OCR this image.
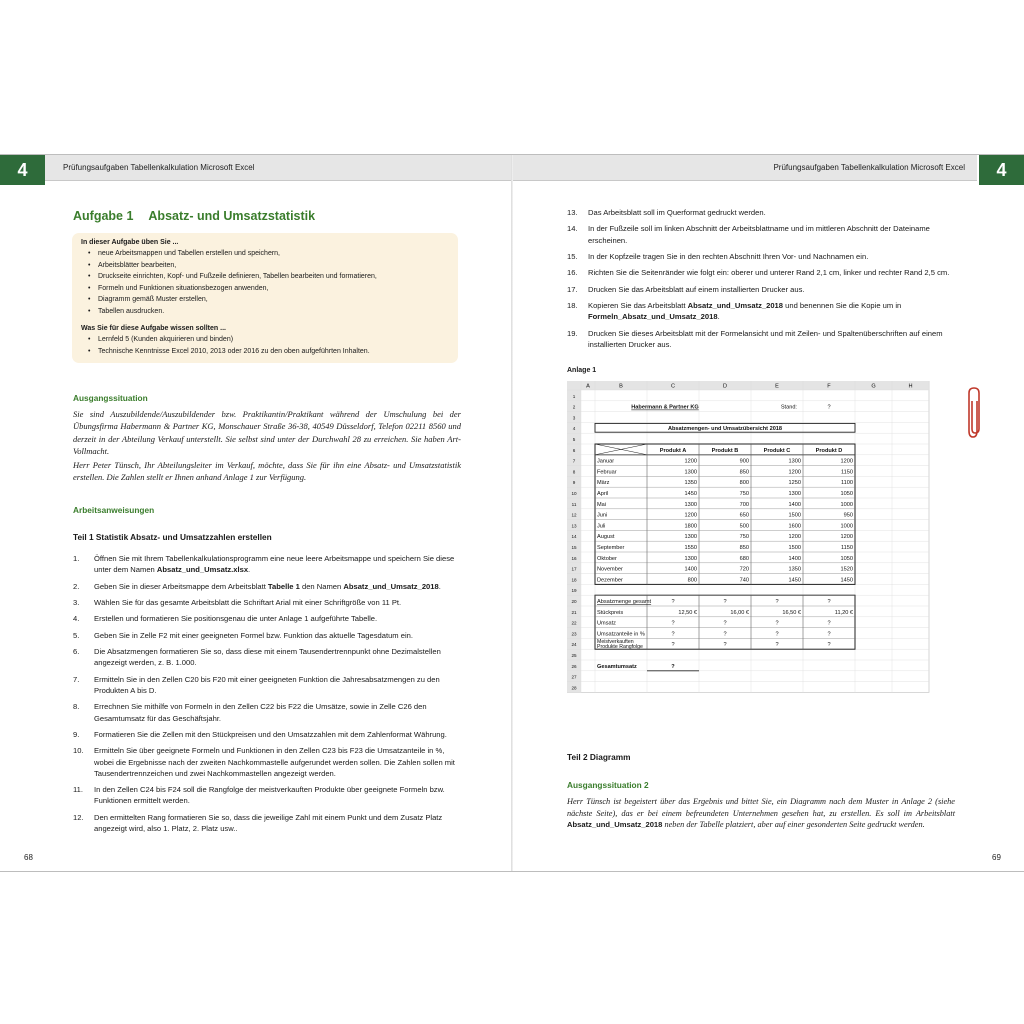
4	Prüfungsaufgaben Tabellenkalkulation Microsoft Excel
Aufgabe 1 Absatz- und Umsatzstatistik
In dieser Aufgabe üben Sie ...
• neue Arbeitsmappen und Tabellen erstellen und speichern,
• Arbeitsblätter bearbeiten,
• Druckseite einrichten, Kopf- und Fußzeile definieren, Tabellen bearbeiten und formatieren,
• Formeln und Funktionen situationsbezogen anwenden,
• Diagramm gemäß Muster erstellen,
• Tabellen ausdrucken.
Was Sie für diese Aufgabe wissen sollten ...
• Lernfeld 5 (Kunden akquirieren und binden)
• Technische Kenntnisse Excel 2010, 2013 oder 2016 zu den oben aufgeführten Inhalten.
Ausgangssituation
Sie sind Auszubildende/Auszubildender bzw. Praktikantin/Praktikant während der Umschulung bei der Übungsfirma Habermann & Partner KG, Monschauer Straße 36-38, 40549 Düsseldorf, Telefon 02211 8560 und derzeit in der Abteilung Verkauf unterstellt. Sie selbst sind unter der Durchwahl 28 zu erreichen. Sie haben Art-Vollmacht.
Herr Peter Tünsch, Ihr Abteilungsleiter im Verkauf, möchte, dass Sie für ihn eine Absatz- und Umsatzstatistik erstellen. Die Zahlen stellt er Ihnen anhand Anlage 1 zur Verfügung.
Arbeitsanweisungen
Teil 1 Statistik Absatz- und Umsatzzahlen erstellen
1. Öffnen Sie mit Ihrem Tabellenkalkulationsprogramm eine neue leere Arbeitsmappe und speichern Sie diese unter dem Namen Absatz_und_Umsatz.xlsx.
2. Geben Sie in dieser Arbeitsmappe dem Arbeitsblatt Tabelle 1 den Namen Absatz_und_Umsatz_2018.
3. Wählen Sie für das gesamte Arbeitsblatt die Schriftart Arial mit einer Schriftgröße von 11 Pt.
4. Erstellen und formatieren Sie positionsgenau die unter Anlage 1 aufgeführte Tabelle.
5. Geben Sie in Zelle F2 mit einer geeigneten Formel bzw. Funktion das aktuelle Tagesdatum ein.
6. Die Absatzmengen formatieren Sie so, dass diese mit einem Tausendertrennpunkt ohne Dezimalstellen angezeigt werden, z. B. 1.000.
7. Ermitteln Sie in den Zellen C20 bis F20 mit einer geeigneten Funktion die Jahresabsatzmengen zu den Produkten A bis D.
8. Errechnen Sie mithilfe von Formeln in den Zellen C22 bis F22 die Umsätze, sowie in Zelle C26 den Gesamtumsatz für das Geschäftsjahr.
9. Formatieren Sie die Zellen mit den Stückpreisen und den Umsatzzahlen mit dem Zahlenformat Währung.
10. Ermitteln Sie über geeignete Formeln und Funktionen in den Zellen C23 bis F23 die Umsatzanteile in %, wobei die Ergebnisse nach der zweiten Nachkommastelle aufgerundet werden sollen. Die Zahlen sollen mit Tausendertrennzeichen und zwei Nachkommastellen angezeigt werden.
11. In den Zellen C24 bis F24 soll die Rangfolge der meistverkauften Produkte über geeignete Formeln bzw. Funktionen ermittelt werden.
12. Den ermittelten Rang formatieren Sie so, dass die jeweilige Zahl mit einem Punkt und dem Zusatz Platz angezeigt wird, also 1. Platz, 2. Platz usw..
68
4
Prüfungsaufgaben Tabellenkalkulation Microsoft Excel
13. Das Arbeitsblatt soll im Querformat gedruckt werden.
14. In der Fußzeile soll im linken Abschnitt der Arbeitsblattname und im mittleren Abschnitt der Dateiname erscheinen.
15. In der Kopfzeile tragen Sie in den rechten Abschnitt Ihren Vor- und Nachnamen ein.
16. Richten Sie die Seitenränder wie folgt ein: oberer und unterer Rand 2,1 cm, linker und rechter Rand 2,5 cm.
17. Drucken Sie das Arbeitsblatt auf einem installierten Drucker aus.
18. Kopieren Sie das Arbeitsblatt Absatz_und_Umsatz_2018 und benennen Sie die Kopie um in Formeln_Absatz_und_Umsatz_2018.
19. Drucken Sie dieses Arbeitsblatt mit der Formelansicht und mit Zeilen- und Spaltenüberschriften auf einem installierten Drucker aus.
Anlage 1
A	B	C	D	E	F	G	H
1
2
3
4
5
6
7
8
9
10
11
12
13
14
15
16
17
18
19
20
21
22
23
24
25
26
27
28
Habermann & Partner KG	Stand:	?
Absatzmengen- und Umsatzübersicht 2018
Produkt A	Produkt B	Produkt C	Produkt D
Januar	1200	900	1300	1200
Februar	1300	850	1200	1150
März	1350	800	1250	1100
April	1450	750	1300	1050
Mai	1300	700	1400	1000
Juni	1200	650	1500	950
Juli	1800	500	1600	1000
August	1300	750	1200	1200
September	1550	850	1500	1150
Oktober	1300	680	1400	1050
November	1400	720	1350	1520
Dezember	800	740	1450	1450
Absatzmenge gesamt	?	?	?	?
Stückpreis	12,50 €	16,00 €	16,50 €	11,20 €
Umsatz	?	?	?	?
Umsatzanteile in %	?	?	?	?
Meistverkauften
Produkte Rangfolge	?	?	?	?
Gesamtumsatz	?
Teil 2 Diagramm
Ausgangssituation 2
Herr Tünsch ist begeistert über das Ergebnis und bittet Sie, ein Diagramm nach dem Muster in Anlage 2 (siehe nächste Seite), das er bei einem befreundeten Unternehmen gesehen hat, zu erstellen. Es soll im Arbeitsblatt Absatz_und_Umsatz_2018 neben der Tabelle platziert, aber auf einer gesonderten Seite gedruckt werden.
69
